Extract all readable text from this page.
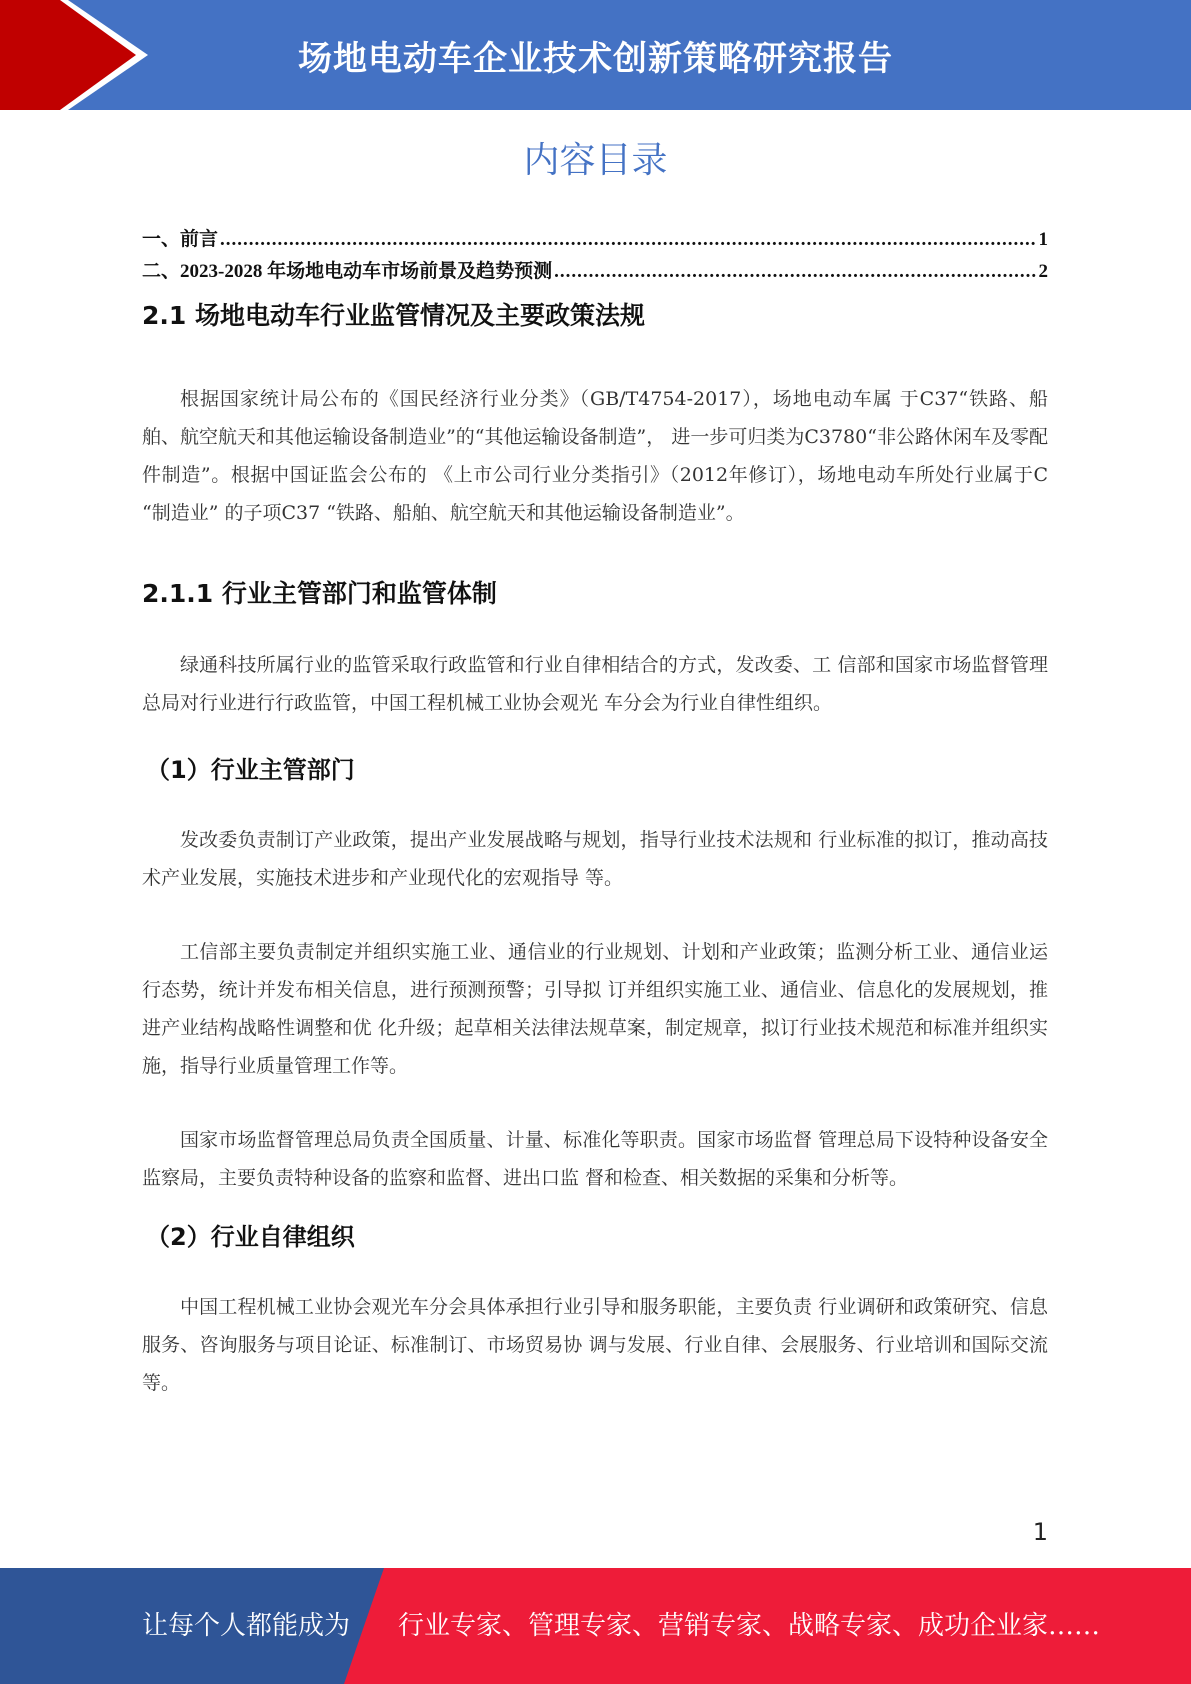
场地电动车企业技术创新策略研究报告
内容目录
一、前言 .....	1
二、2023-2028 年场地电动车市场前景及趋势预测 .....	2
2.1 场地电动车行业监管情况及主要政策法规

根据国家统计局公布的《国民经济行业分类》（GB/T4754-2017），场地电动车属 于C37“铁路、船舶、航空航天和其他运输设备制造业”的“其他运输设备制造”， 进一步可归类为C3780“非公路休闲车及零配件制造”。根据中国证监会公布的 《上市公司行业分类指引》（2012年修订），场地电动车所处行业属于C “制造业” 的子项C37 “铁路、船舶、航空航天和其他运输设备制造业”。

2.1.1 行业主管部门和监管体制

绿通科技所属行业的监管采取行政监管和行业自律相结合的方式，发改委、工 信部和国家市场监督管理总局对行业进行行政监管，中国工程机械工业协会观光 车分会为行业自律性组织。

（1）行业主管部门

发改委负责制订产业政策，提出产业发展战略与规划，指导行业技术法规和 行业标准的拟订，推动高技术产业发展，实施技术进步和产业现代化的宏观指导 等。

工信部主要负责制定并组织实施工业、通信业的行业规划、计划和产业政策；监测分析工业、通信业运行态势，统计并发布相关信息，进行预测预警；引导拟 订并组织实施工业、通信业、信息化的发展规划，推进产业结构战略性调整和优 化升级；起草相关法律法规草案，制定规章，拟订行业技术规范和标准并组织实 施，指导行业质量管理工作等。

国家市场监督管理总局负责全国质量、计量、标准化等职责。国家市场监督 管理总局下设特种设备安全监察局，主要负责特种设备的监察和监督、进出口监 督和检查、相关数据的采集和分析等。

（2）行业自律组织

中国工程机械工业协会观光车分会具体承担行业引导和服务职能，主要负责 行业调研和政策研究、信息服务、咨询服务与项目论证、标准制订、市场贸易协 调与发展、行业自律、会展服务、行业培训和国际交流等。

1
让每个人都能成为 行业专家、管理专家、营销专家、战略专家、成功企业家……
